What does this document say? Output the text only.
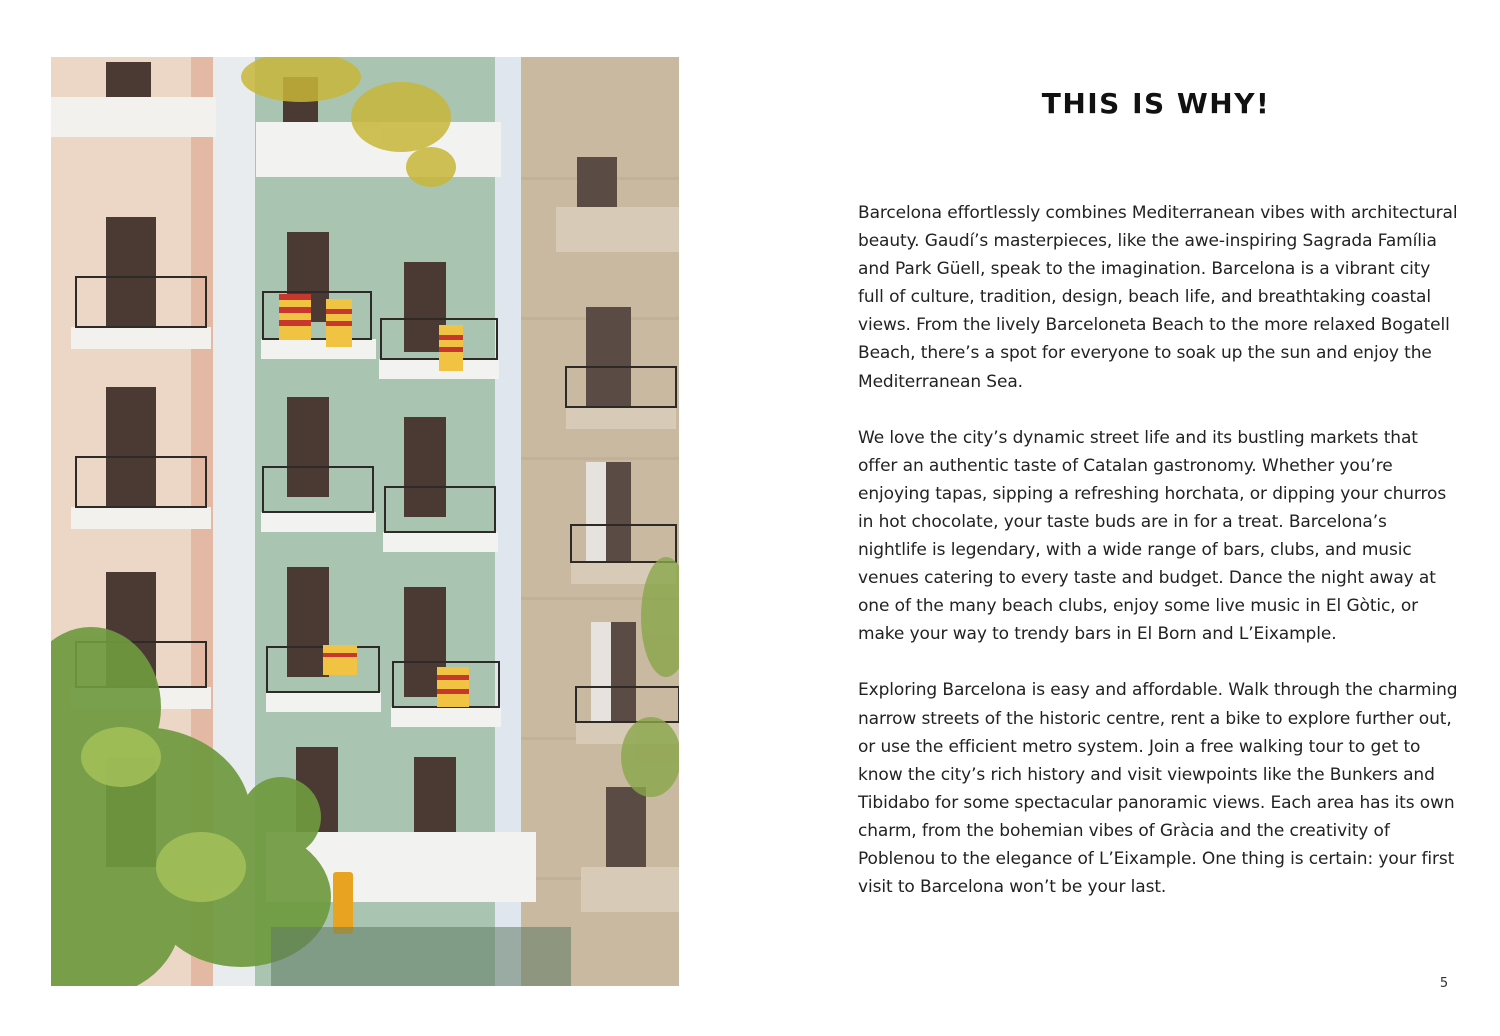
THIS IS WHY!

Barcelona effortlessly combines Mediterranean vibes with architectural beauty. Gaudí’s masterpieces, like the awe-inspiring Sagrada Família and Park Güell, speak to the imagination. Barcelona is a vibrant city full of culture, tradition, design, beach life, and breathtaking coastal views. From the lively Barceloneta Beach to the more relaxed Bogatell Beach, there’s a spot for everyone to soak up the sun and enjoy the Mediterranean Sea.

We love the city’s dynamic street life and its bustling markets that offer an authentic taste of Catalan gastronomy. Whether you’re enjoying tapas, sipping a refreshing horchata, or dipping your churros in hot chocolate, your taste buds are in for a treat. Barcelona’s nightlife is legendary, with a wide range of bars, clubs, and music venues catering to every taste and budget. Dance the night away at one of the many beach clubs, enjoy some live music in El Gòtic, or make your way to trendy bars in El Born and L’Eixample.

Exploring Barcelona is easy and affordable. Walk through the charming narrow streets of the historic centre, rent a bike to explore further out, or use the efficient metro system. Join a free walking tour to get to know the city’s rich history and visit viewpoints like the Bunkers and Tibidabo for some spectacular panoramic views. Each area has its own charm, from the bohemian vibes of Gràcia and the creativity of Poblenou to the elegance of L’Eixample. One thing is certain: your first visit to Barcelona won’t be your last.

5
